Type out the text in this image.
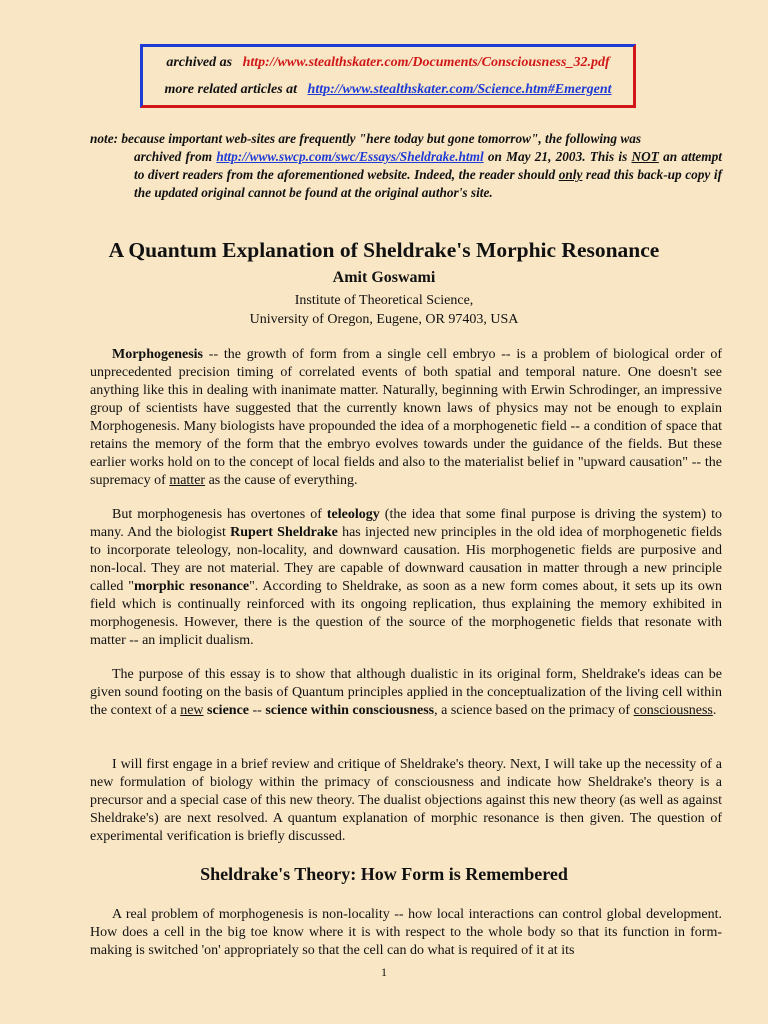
archived as http://www.stealthskater.com/Documents/Consciousness_32.pdf
more related articles at http://www.stealthskater.com/Science.htm#Emergent
note: because important web-sites are frequently "here today but gone tomorrow", the following was
archived from http://www.swcp.com/swc/Essays/Sheldrake.html on May 21, 2003. This is NOT an attempt to divert readers from the aforementioned website. Indeed, the reader should only read this back-up copy if the updated original cannot be found at the original author's site.
A Quantum Explanation of Sheldrake's Morphic Resonance
Amit Goswami
Institute of Theoretical Science,
University of Oregon, Eugene, OR 97403, USA
Morphogenesis -- the growth of form from a single cell embryo -- is a problem of biological order of unprecedented precision timing of correlated events of both spatial and temporal nature. One doesn't see anything like this in dealing with inanimate matter. Naturally, beginning with Erwin Schrodinger, an impressive group of scientists have suggested that the currently known laws of physics may not be enough to explain Morphogenesis. Many biologists have propounded the idea of a morphogenetic field -- a condition of space that retains the memory of the form that the embryo evolves towards under the guidance of the fields. But these earlier works hold on to the concept of local fields and also to the materialist belief in "upward causation" -- the supremacy of matter as the cause of everything.
But morphogenesis has overtones of teleology (the idea that some final purpose is driving the system) to many. And the biologist Rupert Sheldrake has injected new principles in the old idea of morphogenetic fields to incorporate teleology, non-locality, and downward causation. His morphogenetic fields are purposive and non-local. They are not material. They are capable of downward causation in matter through a new principle called "morphic resonance". According to Sheldrake, as soon as a new form comes about, it sets up its own field which is continually reinforced with its ongoing replication, thus explaining the memory exhibited in morphogenesis. However, there is the question of the source of the morphogenetic fields that resonate with matter -- an implicit dualism.
The purpose of this essay is to show that although dualistic in its original form, Sheldrake's ideas can be given sound footing on the basis of Quantum principles applied in the conceptualization of the living cell within the context of a new science -- science within consciousness, a science based on the primacy of consciousness.
I will first engage in a brief review and critique of Sheldrake's theory. Next, I will take up the necessity of a new formulation of biology within the primacy of consciousness and indicate how Sheldrake's theory is a precursor and a special case of this new theory. The dualist objections against this new theory (as well as against Sheldrake's) are next resolved. A quantum explanation of morphic resonance is then given. The question of experimental verification is briefly discussed.
Sheldrake's Theory: How Form is Remembered
A real problem of morphogenesis is non-locality -- how local interactions can control global development. How does a cell in the big toe know where it is with respect to the whole body so that its function in form-making is switched 'on' appropriately so that the cell can do what is required of it at its
1
